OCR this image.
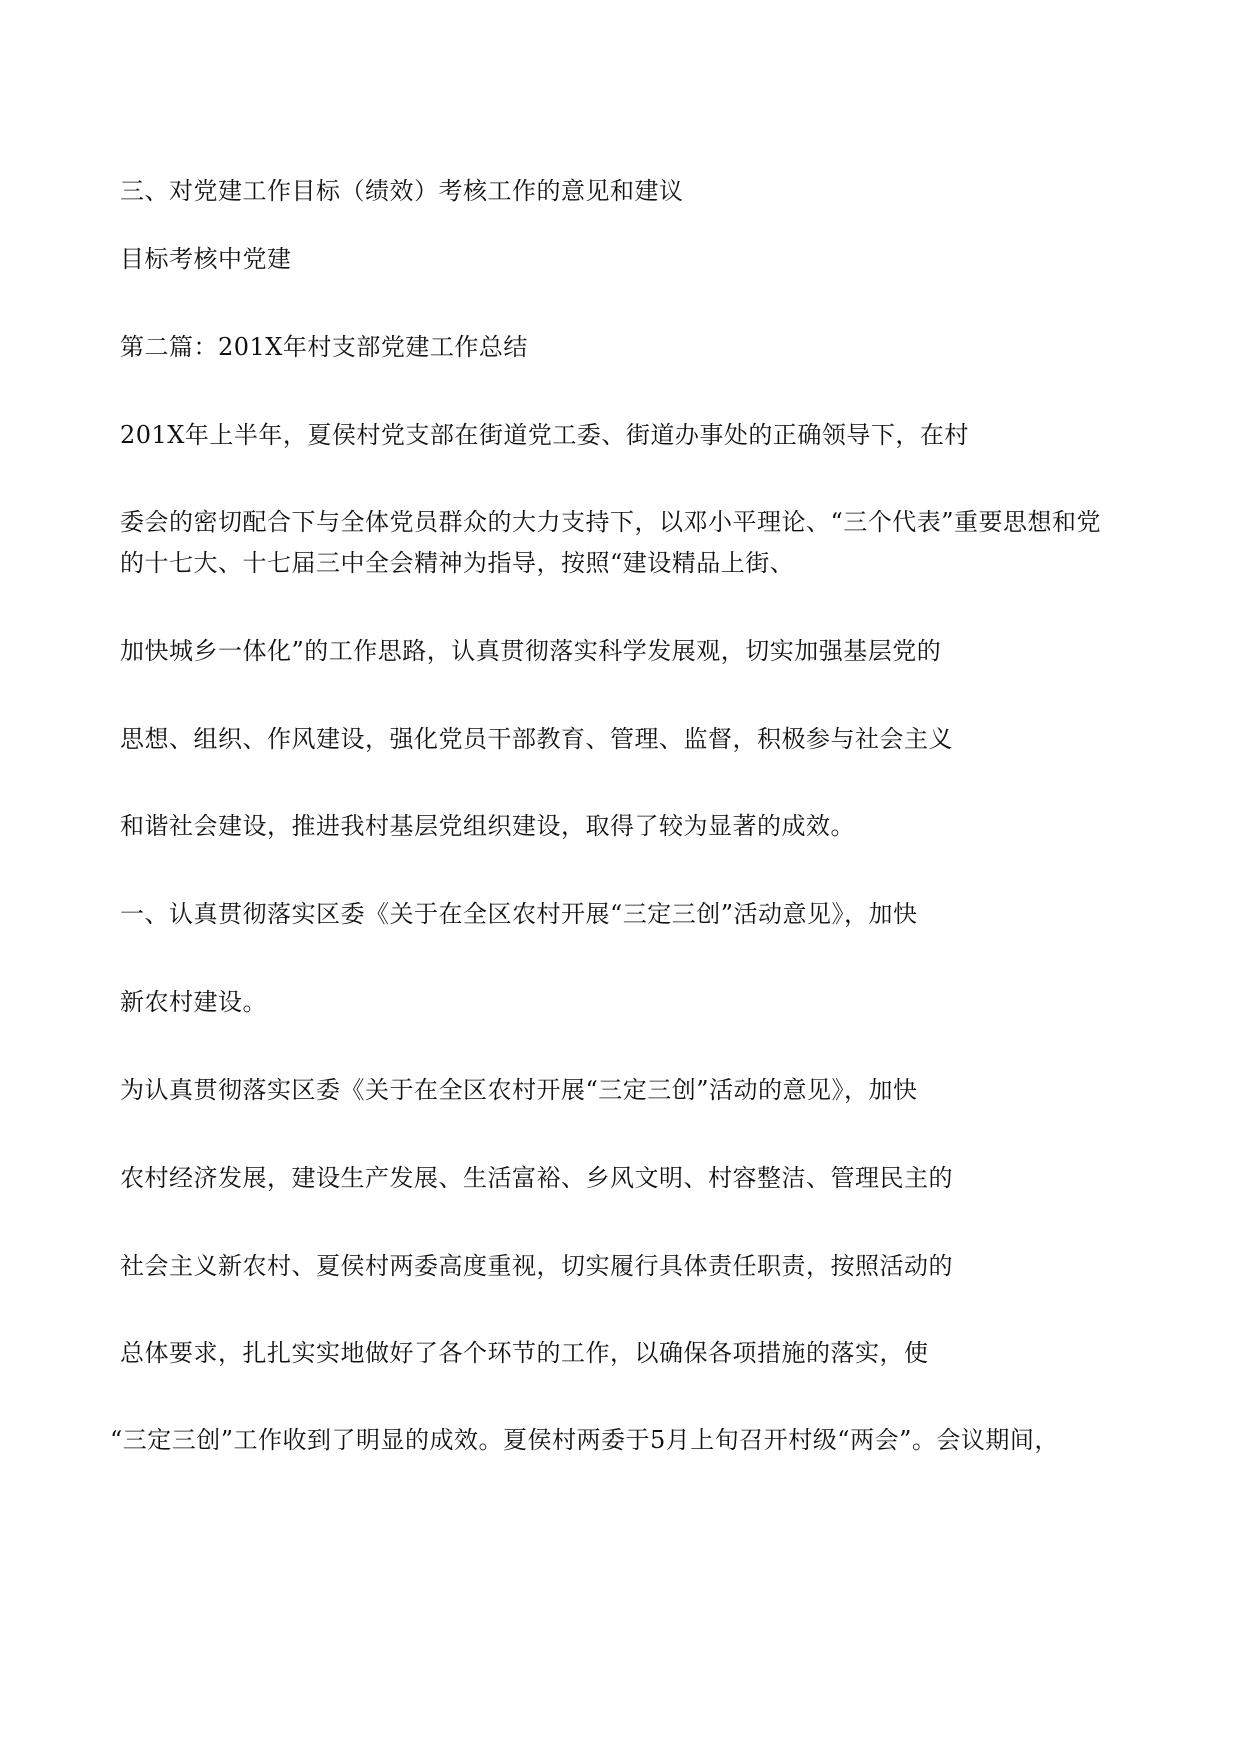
三、对党建工作目标（绩效）考核工作的意见和建议
目标考核中党建
第二篇：201X年村支部党建工作总结
201X年上半年，夏侯村党支部在街道党工委、街道办事处的正确领导下，在村
委会的密切配合下与全体党员群众的大力支持下，以邓小平理论、“三个代表”重要思想和党
的十七大、十七届三中全会精神为指导，按照“建设精品上街、
加快城乡一体化”的工作思路，认真贯彻落实科学发展观，切实加强基层党的
思想、组织、作风建设，强化党员干部教育、管理、监督，积极参与社会主义
和谐社会建设，推进我村基层党组织建设，取得了较为显著的成效。
一、认真贯彻落实区委《关于在全区农村开展“三定三创”活动意见》，加快
新农村建设。
为认真贯彻落实区委《关于在全区农村开展“三定三创”活动的意见》，加快
农村经济发展，建设生产发展、生活富裕、乡风文明、村容整洁、管理民主的
社会主义新农村、夏侯村两委高度重视，切实履行具体责任职责，按照活动的
总体要求，扎扎实实地做好了各个环节的工作，以确保各项措施的落实，使
“三定三创”工作收到了明显的成效。夏侯村两委于5月上旬召开村级“两会”。会议期间，
